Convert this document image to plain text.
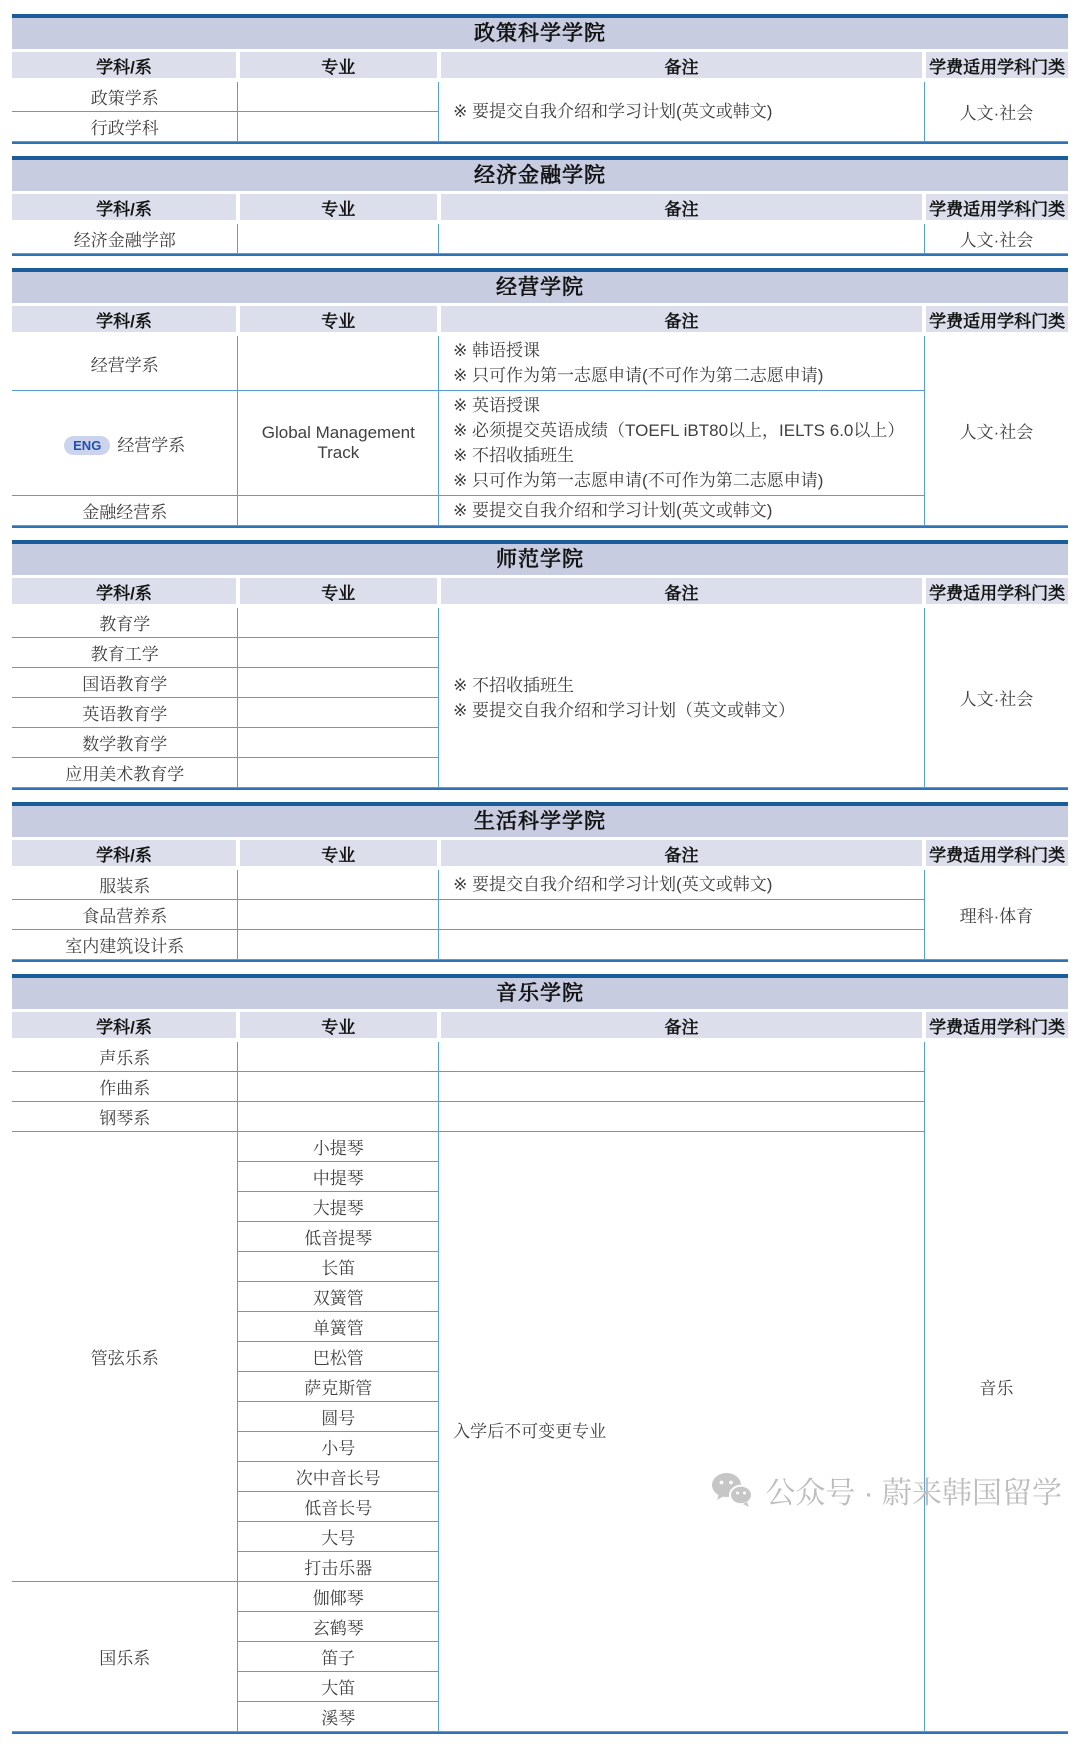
政策科学学院
学科/系	专业	备注	学费适用学科门类
政策学系		※ 要提交自我介绍和学习计划(英文或韩文)	人文·社会
行政学科			
经济金融学院
学科/系	专业	备注	学费适用学科门类
经济金融学部			人文·社会
经营学院
学科/系	专业	备注	学费适用学科门类
经营学系		※ 韩语授课
※ 只可作为第一志愿申请(不可作为第二志愿申请)	人文·社会
ENG 经营学系	Global Management Track	※ 英语授课
※ 必须提交英语成绩（TOEFL iBT80以上，IELTS 6.0以上）
※ 不招收插班生
※ 只可作为第一志愿申请(不可作为第二志愿申请)	

金融经营系		※ 要提交自我介绍和学习计划(英文或韩文)	
师范学院
学科/系	专业	备注	学费适用学科门类
教育学		※ 不招收插班生
※ 要提交自我介绍和学习计划（英文或韩文）	人文·社会
教育工学			
国语教育学			
英语教育学			
数学教育学			
应用美术教育学			
生活科学学院
学科/系	专业	备注	学费适用学科门类
服装系		※ 要提交自我介绍和学习计划(英文或韩文)	理科·体育
食品营养系			
室内建筑设计系			
音乐学院
学科/系	专业	备注	学费适用学科门类
声乐系			音乐
作曲系			
钢琴系			
管弦乐系	小提琴	入学后不可变更专业	

	中提琴		
	大提琴		
	低音提琴		
	长笛		
	双簧管		
	单簧管		
	巴松管		
	萨克斯管		
	圆号		
	小号		
	次中音长号		
	低音长号		
	大号		
	打击乐器		
国乐系	伽倻琴		
	玄鹤琴		
	笛子		
	大笛		
	溪琴		
公众号 · 蔚来韩国留学
